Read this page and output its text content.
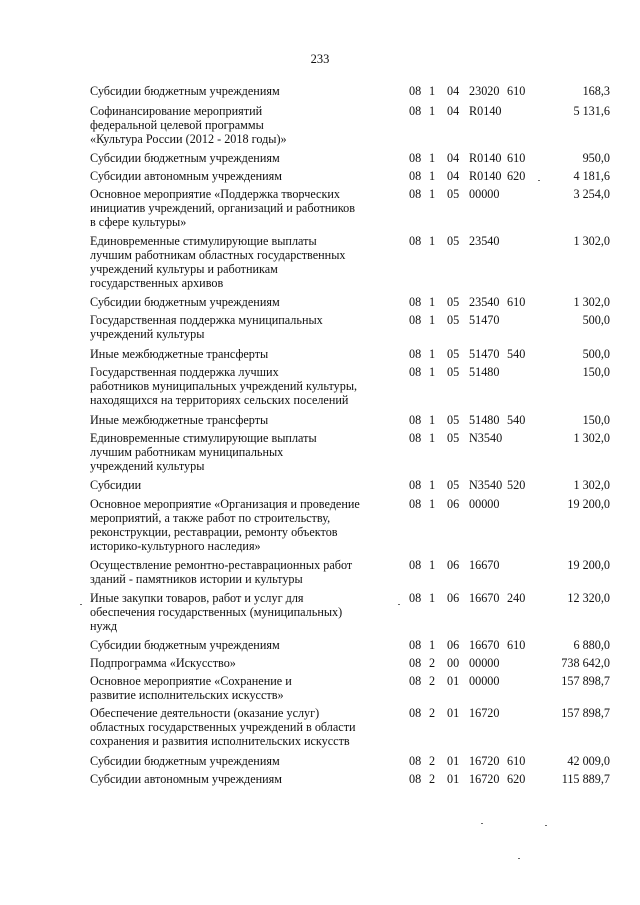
233
Субсидии бюджетным учреждениям	08 1 04 23020 610	168,3
Софинансирование мероприятий
федеральной целевой программы
«Культура России (2012 - 2018 годы)»
08 1 04 R0140	5 131,6
Субсидии бюджетным учреждениям	08 1 04 R0140 610	950,0
Субсидии автономным учреждениям	08 1 04 R0140 620	4 181,6
Основное мероприятие «Поддержка творческих
инициатив учреждений, организаций и работников
в сфере культуры»
08 1 05 00000	3 254,0
Единовременные стимулирующие выплаты
лучшим работникам областных государственных
учреждений культуры и работникам
государственных архивов
08 1 05 23540	1 302,0
Субсидии бюджетным учреждениям	08 1 05 23540 610	1 302,0
Государственная поддержка муниципальных
учреждений культуры
08 1 05 51470	500,0
Иные межбюджетные трансферты	08 1 05 51470 540	500,0
Государственная поддержка лучших
работников муниципальных учреждений культуры,
находящихся на территориях сельских поселений
08 1 05 51480	150,0
Иные межбюджетные трансферты	08 1 05 51480 540	150,0
Единовременные стимулирующие выплаты
лучшим работникам муниципальных
учреждений культуры
08 1 05 N3540	1 302,0
Субсидии	08 1 05 N3540 520	1 302,0
Основное мероприятие «Организация и проведение
мероприятий, а также работ по строительству,
реконструкции, реставрации, ремонту объектов
историко-культурного наследия»
08 1 06 00000	19 200,0
Осуществление ремонтно-реставрационных работ
зданий - памятников истории и культуры
08 1 06 16670	19 200,0
Иные закупки товаров, работ и услуг для
обеспечения государственных (муниципальных)
нужд
08 1 06 16670 240	12 320,0
Субсидии бюджетным учреждениям	08 1 06 16670 610	6 880,0
Подпрограмма «Искусство»	08 2 00 00000	738 642,0
Основное мероприятие «Сохранение и
развитие исполнительских искусств»
08 2 01 00000	157 898,7
Обеспечение деятельности (оказание услуг)
областных государственных учреждений в области
сохранения и развития исполнительских искусств
08 2 01 16720	157 898,7
Субсидии бюджетным учреждениям	08 2 01 16720 610	42 009,0
Субсидии автономным учреждениям	08 2 01 16720 620	115 889,7
